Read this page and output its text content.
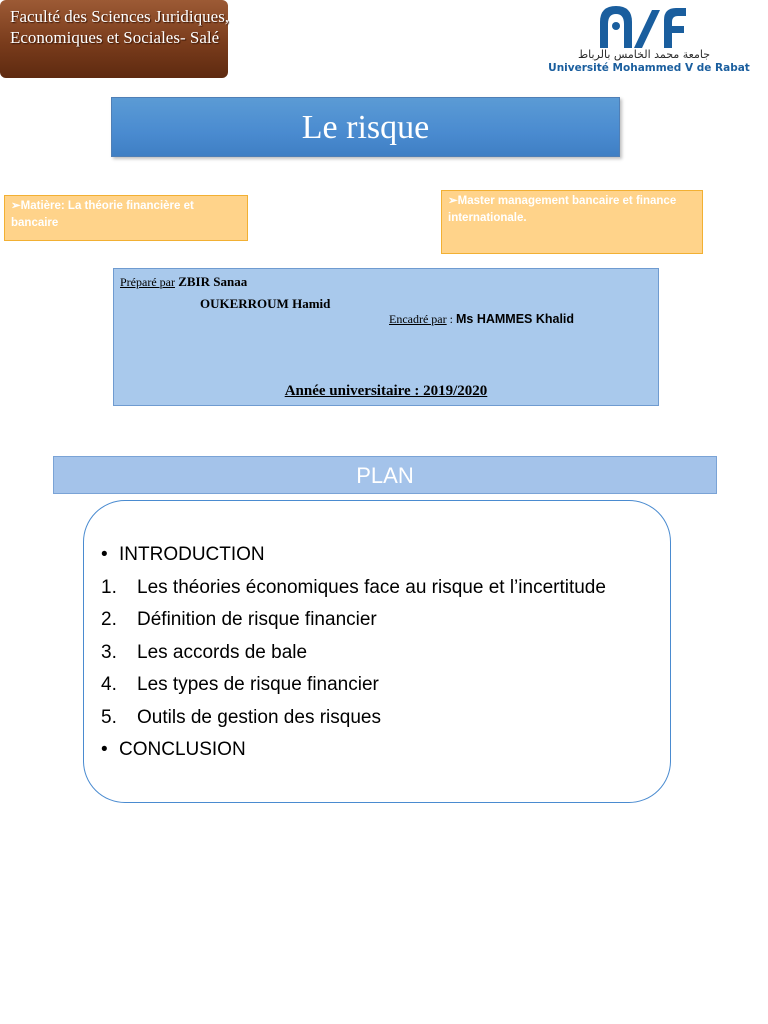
Faculté des Sciences Juridiques,
Economiques et Sociales- Salé
جامعة محمد الخامس بالرباط
Université Mohammed V de Rabat
Le risque
➢Matière: La théorie financière et bancaire
➢Master management bancaire et finance internationale.
Préparé par ZBIR Sanaa
OUKERROUM Hamid
Encadré par : Ms HAMMES Khalid
Année universitaire : 2019/2020
PLAN
• INTRODUCTION
1. Les théories économiques face au risque et l’incertitude
2. Définition de risque financier
3. Les accords de bale
4. Les types de risque financier
5. Outils de gestion des risques
• CONCLUSION
